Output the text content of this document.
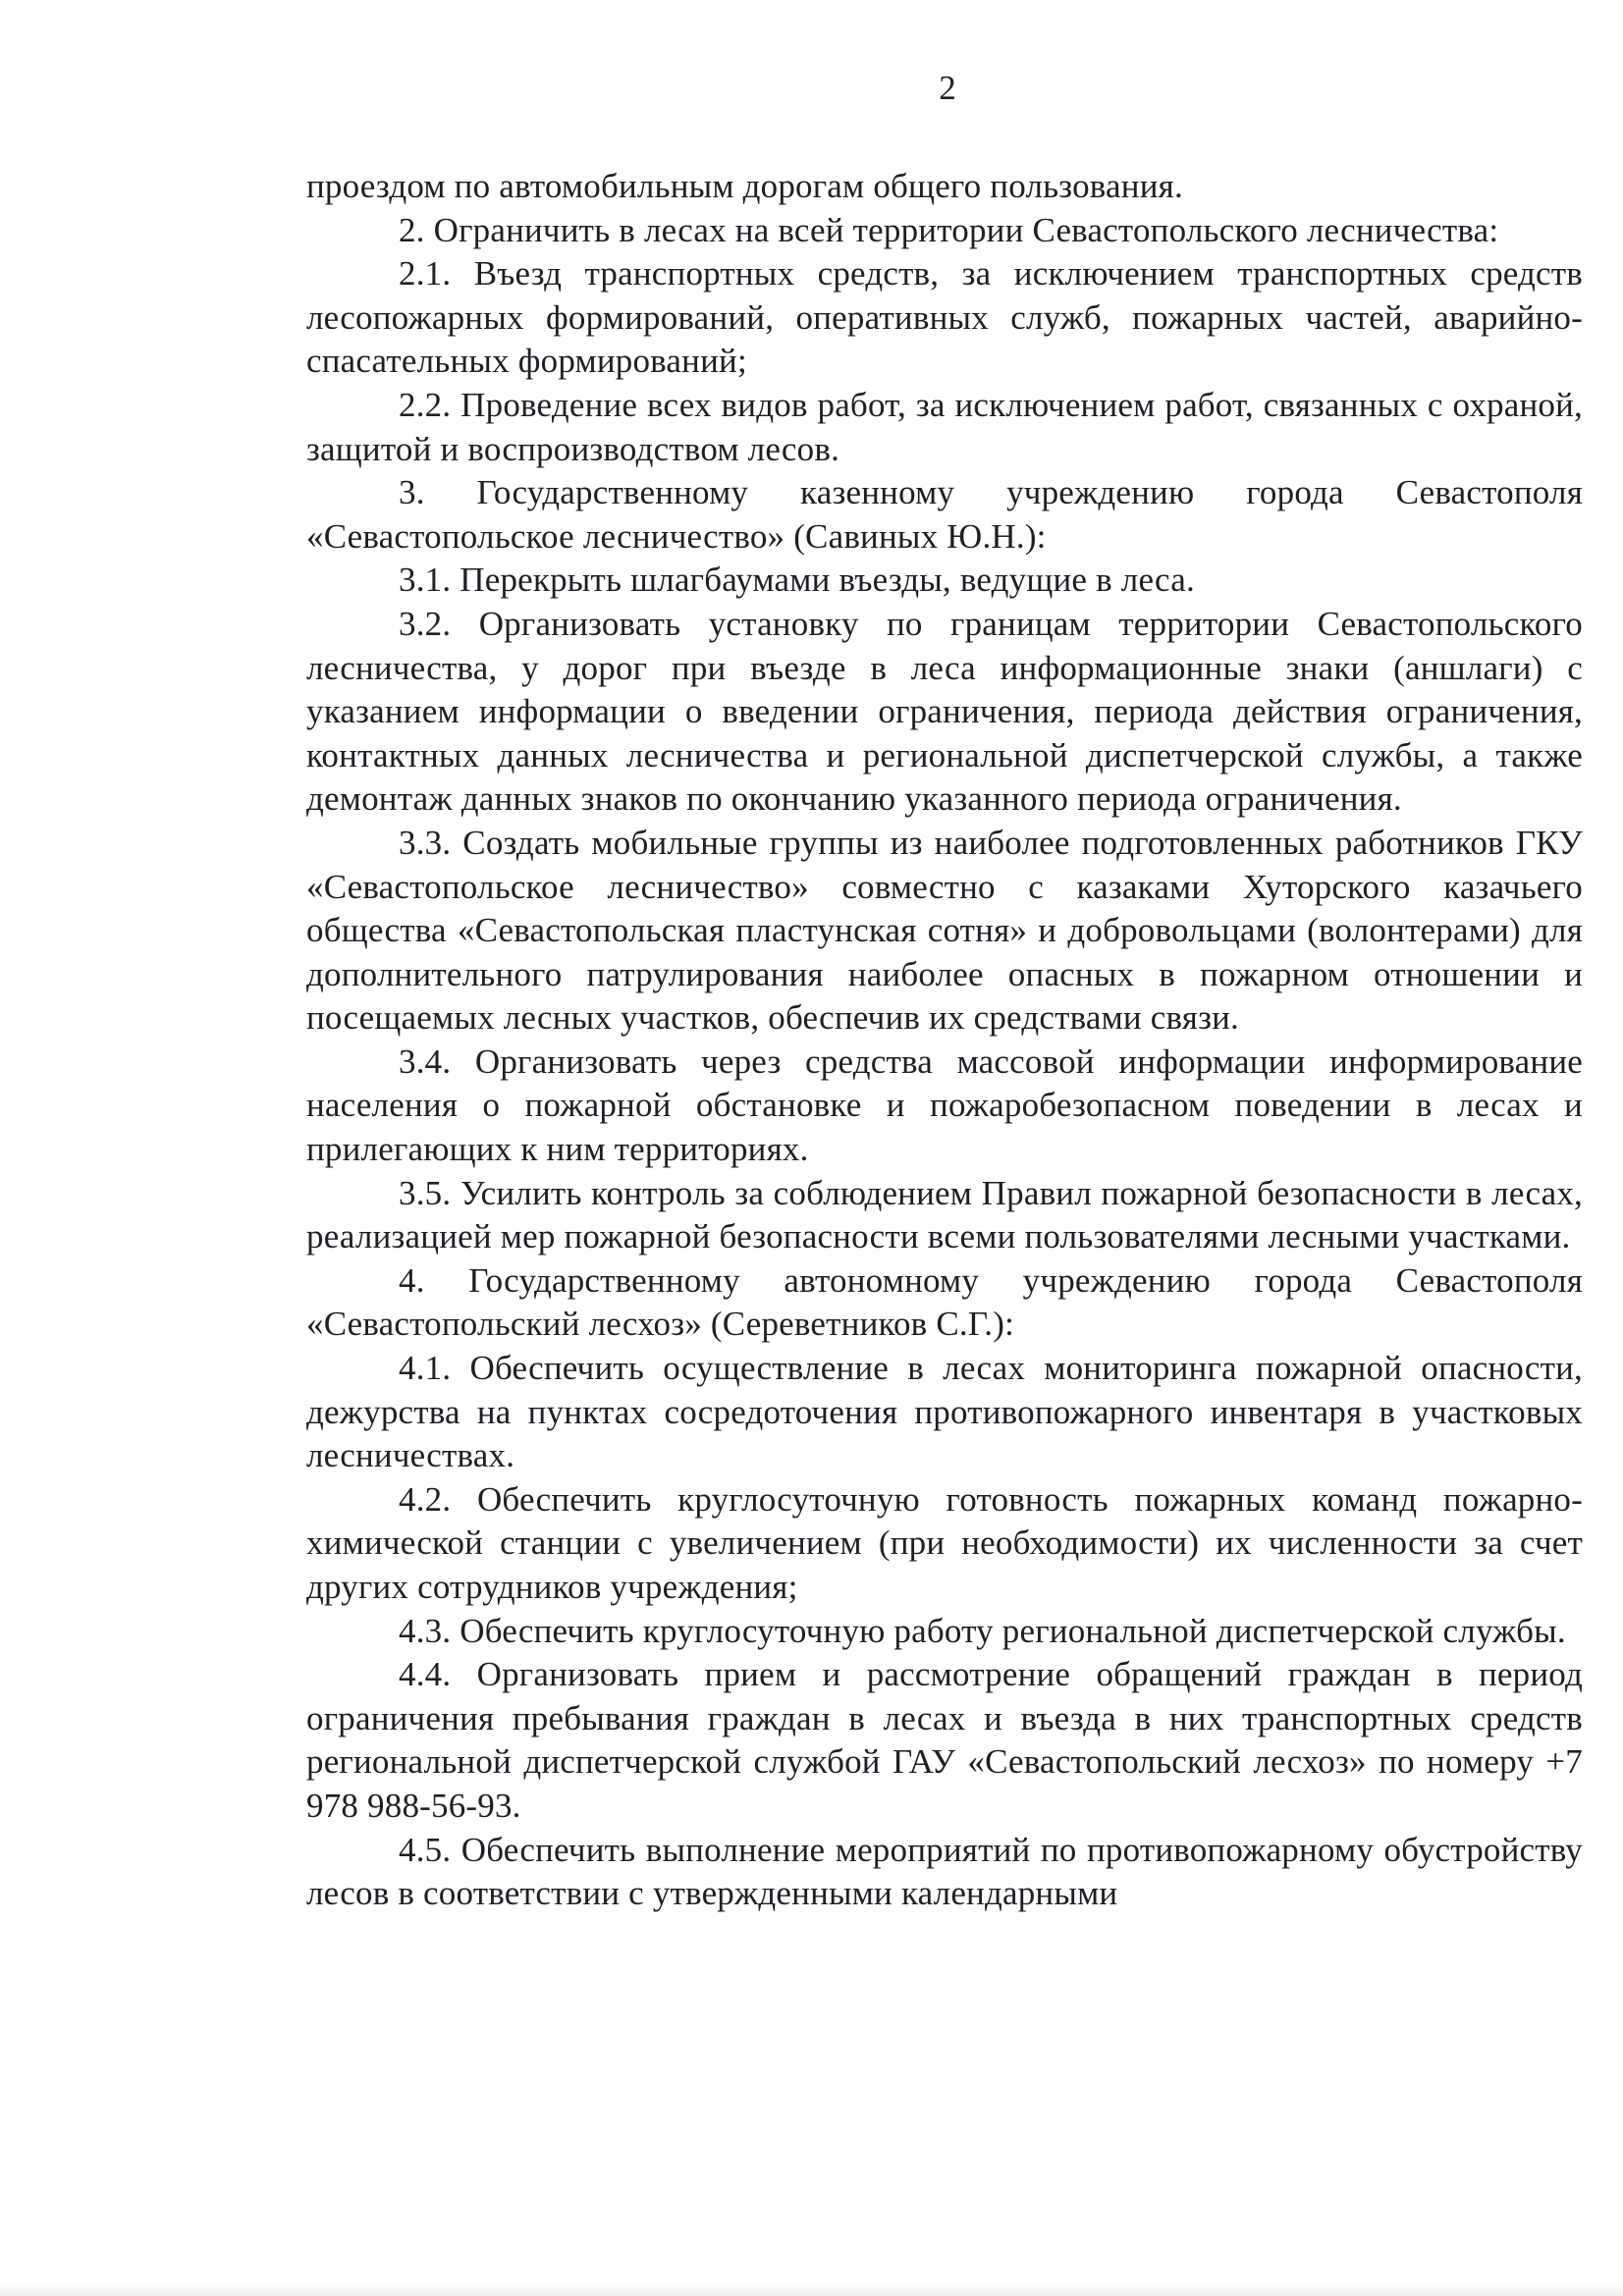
2

проездом по автомобильным дорогам общего пользования.

2. Ограничить в лесах на всей территории Севастопольского лесничества:

2.1. Въезд транспортных средств, за исключением транспортных средств лесопожарных формирований, оперативных служб, пожарных частей, аварийно-спасательных формирований;

2.2. Проведение всех видов работ, за исключением работ, связанных с охраной, защитой и воспроизводством лесов.

3. Государственному казенному учреждению города Севастополя «Севастопольское лесничество» (Савиных Ю.Н.):

3.1. Перекрыть шлагбаумами въезды, ведущие в леса.

3.2. Организовать установку по границам территории Севастопольского лесничества, у дорог при въезде в леса информационные знаки (аншлаги) с указанием информации о введении ограничения, периода действия ограничения, контактных данных лесничества и региональной диспетчерской службы, а также демонтаж данных знаков по окончанию указанного периода ограничения.

3.3. Создать мобильные группы из наиболее подготовленных работников ГКУ «Севастопольское лесничество» совместно с казаками Хуторского казачьего общества «Севастопольская пластунская сотня» и добровольцами (волонтерами) для дополнительного патрулирования наиболее опасных в пожарном отношении и посещаемых лесных участков, обеспечив их средствами связи.

3.4. Организовать через средства массовой информации информирование населения о пожарной обстановке и пожаробезопасном поведении в лесах и прилегающих к ним территориях.

3.5. Усилить контроль за соблюдением Правил пожарной безопасности в лесах, реализацией мер пожарной безопасности всеми пользователями лесными участками.

4. Государственному автономному учреждению города Севастополя «Севастопольский лесхоз» (Сереветников С.Г.):

4.1. Обеспечить осуществление в лесах мониторинга пожарной опасности, дежурства на пунктах сосредоточения противопожарного инвентаря в участковых лесничествах.

4.2. Обеспечить круглосуточную готовность пожарных команд пожарно-химической станции с увеличением (при необходимости) их численности за счет других сотрудников учреждения;

4.3. Обеспечить круглосуточную работу региональной диспетчерской службы.

4.4. Организовать прием и рассмотрение обращений граждан в период ограничения пребывания граждан в лесах и въезда в них транспортных средств региональной диспетчерской службой ГАУ «Севастопольский лесхоз» по номеру +7 978 988-56-93.

4.5. Обеспечить выполнение мероприятий по противопожарному обустройству лесов в соответствии с утвержденными календарными
